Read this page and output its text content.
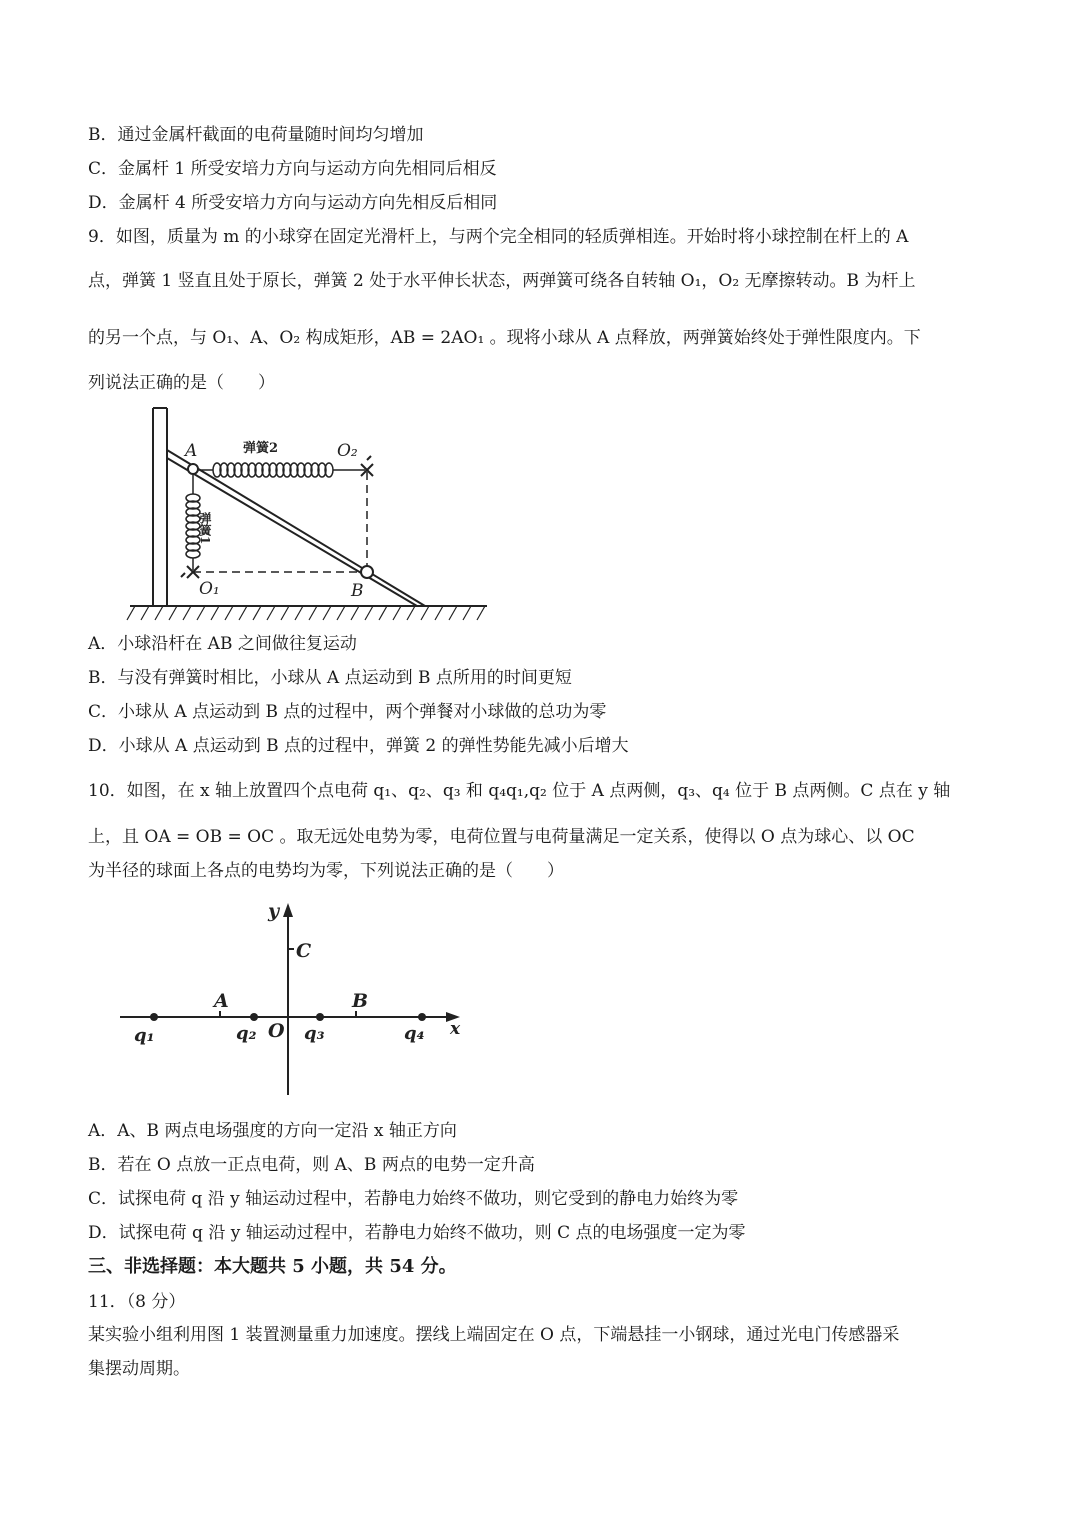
B．通过金属杆截面的电荷量随时间均匀增加
C．金属杆 1 所受安培力方向与运动方向先相同后相反
D．金属杆 4 所受安培力方向与运动方向先相反后相同
9．如图，质量为 m 的小球穿在固定光滑杆上，与两个完全相同的轻质弹相连。开始时将小球控制在杆上的 A
点，弹簧 1 竖直且处于原长，弹簧 2 处于水平伸长状态，两弹簧可绕各自转轴 O₁，O₂ 无摩擦转动。B 为杆上
的另一个点，与 O₁、A、O₂ 构成矩形，AB = 2AO₁ 。现将小球从 A 点释放，两弹簧始终处于弹性限度内。下
列说法正确的是（　　）
A
B
O₁
O₂
弹簧2
弹簧1
A．小球沿杆在 AB 之间做往复运动
B．与没有弹簧时相比，小球从 A 点运动到 B 点所用的时间更短
C．小球从 A 点运动到 B 点的过程中，两个弹餐对小球做的总功为零
D．小球从 A 点运动到 B 点的过程中，弹簧 2 的弹性势能先减小后增大
10．如图，在 x 轴上放置四个点电荷 q₁、q₂、q₃ 和 q₄q₁,q₂ 位于 A 点两侧，q₃、q₄ 位于 B 点两侧。C 点在 y 轴
上，且 OA = OB = OC 。取无远处电势为零，电荷位置与电荷量满足一定关系，使得以 O 点为球心、以 OC
为半径的球面上各点的电势均为零，下列说法正确的是（　　）
y
x
C
A	B
O
q₁	q₂	q₃	q₄
A．A、B 两点电场强度的方向一定沿 x 轴正方向
B．若在 O 点放一正点电荷，则 A、B 两点的电势一定升高
C．试探电荷 q 沿 y 轴运动过程中，若静电力始终不做功，则它受到的静电力始终为零
D．试探电荷 q 沿 y 轴运动过程中，若静电力始终不做功，则 C 点的电场强度一定为零
三、非选择题：本大题共 5 小题，共 54 分。
11．（8 分）
某实验小组利用图 1 装置测量重力加速度。摆线上端固定在 O 点，下端悬挂一小钢球，通过光电门传感器采
集摆动周期。
